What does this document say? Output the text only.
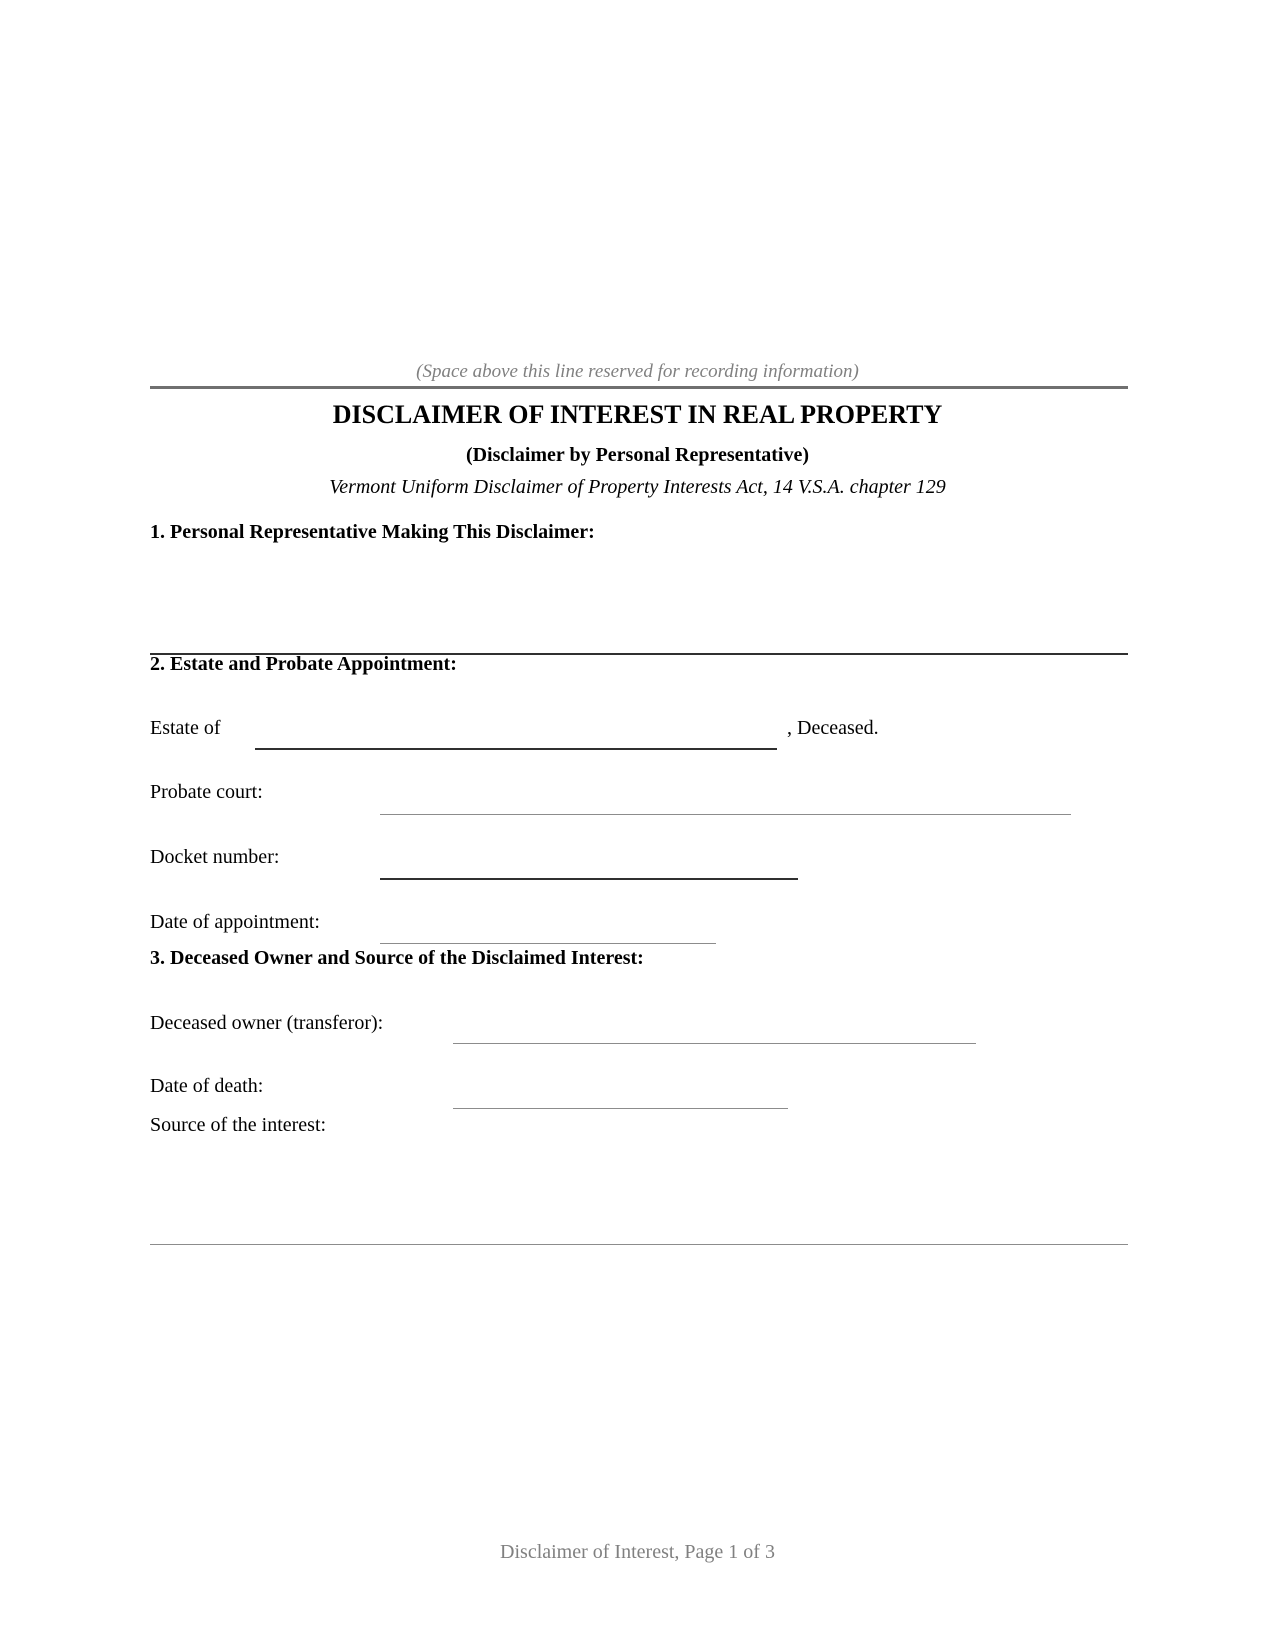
(Space above this line reserved for recording information)
DISCLAIMER OF INTEREST IN REAL PROPERTY
(Disclaimer by Personal Representative)
Vermont Uniform Disclaimer of Property Interests Act, 14 V.S.A. chapter 129
1. Personal Representative Making This Disclaimer:
2. Estate and Probate Appointment:
Estate of	, Deceased.
Probate court:
Docket number:
Date of appointment:
3. Deceased Owner and Source of the Disclaimed Interest:
Deceased owner (transferor):
Date of death:
Source of the interest:
Disclaimer of Interest, Page 1 of 3
